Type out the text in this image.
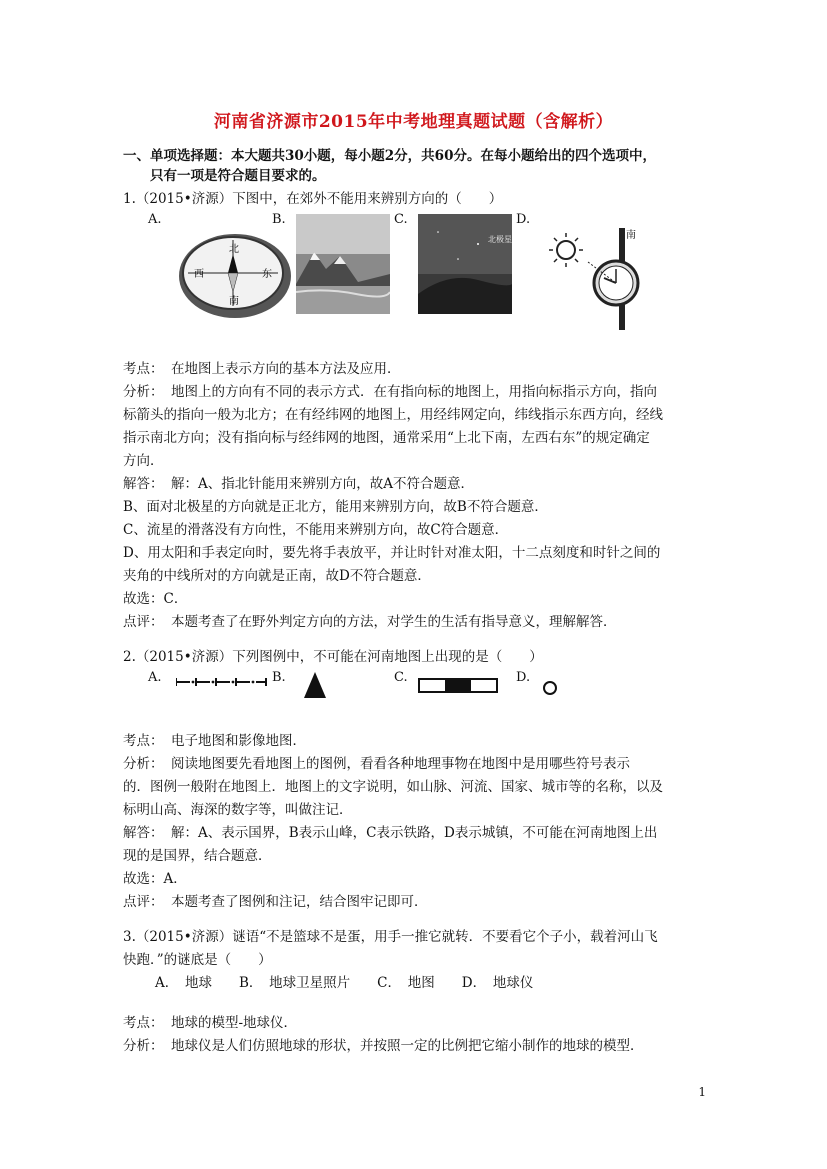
河南省济源市2015年中考地理真题试题（含解析）
一、单项选择题：本大题共30小题，每小题2分，共60分。在每小题给出的四个选项中，
只有一项是符合题目要求的。
1.（2015•济源）下图中，在郊外不能用来辨别方向的（　　）
A.	B.	C.	D.
北
南
西	东
北极星	南
考点： 在地图上表示方向的基本方法及应用．
分析： 地图上的方向有不同的表示方式．在有指向标的地图上，用指向标指示方向，指向
标箭头的指向一般为北方；在有经纬网的地图上，用经纬网定向，纬线指示东西方向，经线
指示南北方向；没有指向标与经纬网的地图，通常采用“上北下南，左西右东”的规定确定
方向．
解答： 解：A、指北针能用来辨别方向，故A不符合题意．
B、面对北极星的方向就是正北方，能用来辨别方向，故B不符合题意．
C、流星的滑落没有方向性，不能用来辨别方向，故C符合题意．
D、用太阳和手表定向时，要先将手表放平，并让时针对准太阳，十二点刻度和时针之间的
夹角的中线所对的方向就是正南，故D不符合题意．
故选：C．
点评： 本题考查了在野外判定方向的方法，对学生的生活有指导意义，理解解答．
2.（2015•济源）下列图例中，不可能在河南地图上出现的是（　　）
A.	B.	C.	D.
考点： 电子地图和影像地图．
分析： 阅读地图要先看地图上的图例，看看各种地理事物在地图中是用哪些符号表示
的．图例一般附在地图上．地图上的文字说明，如山脉、河流、国家、城市等的名称，以及
标明山高、海深的数字等，叫做注记．
解答： 解：A、表示国界，B表示山峰，C表示铁路，D表示城镇，不可能在河南地图上出
现的是国界，结合题意．
故选：A．
点评： 本题考查了图例和注记，结合图牢记即可．
3.（2015•济源）谜语“不是篮球不是蛋，用手一推它就转．不要看它个子小，载着河山飞
快跑．”的谜底是（　　）
A．　地球　　B．　地球卫星照片　　C．　地图　　D．　地球仪
考点： 地球的模型-地球仪．
分析： 地球仪是人们仿照地球的形状，并按照一定的比例把它缩小制作的地球的模型．
1
